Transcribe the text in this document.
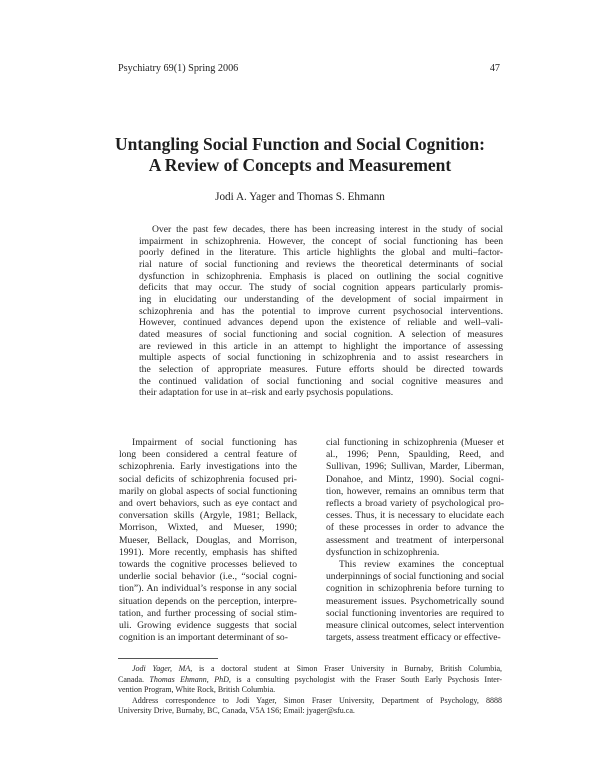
Psychiatry 69(1) Spring 2006	47
Untangling Social Function and Social Cognition:
A Review of Concepts and Measurement
Jodi A. Yager and Thomas S. Ehmann
Over the past few decades, there has been increasing interest in the study of social
impairment in schizophrenia. However, the concept of social functioning has been
poorly defined in the literature. This article highlights the global and multi–factor-
rial nature of social functioning and reviews the theoretical determinants of social
dysfunction in schizophrenia. Emphasis is placed on outlining the social cognitive
deficits that may occur. The study of social cognition appears particularly promis-
ing in elucidating our understanding of the development of social impairment in
schizophrenia and has the potential to improve current psychosocial interventions.
However, continued advances depend upon the existence of reliable and well–vali-
dated measures of social functioning and social cognition. A selection of measures
are reviewed in this article in an attempt to highlight the importance of assessing
multiple aspects of social functioning in schizophrenia and to assist researchers in
the selection of appropriate measures. Future efforts should be directed towards
the continued validation of social functioning and social cognitive measures and
their adaptation for use in at–risk and early psychosis populations.
Impairment of social functioning has
long been considered a central feature of
schizophrenia. Early investigations into the
social deficits of schizophrenia focused pri-
marily on global aspects of social functioning
and overt behaviors, such as eye contact and
conversation skills (Argyle, 1981; Bellack,
Morrison, Wixted, and Mueser, 1990;
Mueser, Bellack, Douglas, and Morrison,
1991). More recently, emphasis has shifted
towards the cognitive processes believed to
underlie social behavior (i.e., “social cogni-
tion”). An individual’s response in any social
situation depends on the perception, interpre-
tation, and further processing of social stim-
uli. Growing evidence suggests that social
cognition is an important determinant of so-
cial functioning in schizophrenia (Mueser et
al., 1996; Penn, Spaulding, Reed, and
Sullivan, 1996; Sullivan, Marder, Liberman,
Donahoe, and Mintz, 1990). Social cogni-
tion, however, remains an omnibus term that
reflects a broad variety of psychological pro-
cesses. Thus, it is necessary to elucidate each
of these processes in order to advance the
assessment and treatment of interpersonal
dysfunction in schizophrenia.
This review examines the conceptual
underpinnings of social functioning and social
cognition in schizophrenia before turning to
measurement issues. Psychometrically sound
social functioning inventories are required to
measure clinical outcomes, select intervention
targets, assess treatment efficacy or effective-
Jodi Yager, MA, is a doctoral student at Simon Fraser University in Burnaby, British Columbia,
Canada. Thomas Ehmann, PhD, is a consulting psychologist with the Fraser South Early Psychosis Inter-
vention Program, White Rock, British Columbia.
Address correspondence to Jodi Yager, Simon Fraser University, Department of Psychology, 8888
University Drive, Burnaby, BC, Canada, V5A 1S6; Email: jyager@sfu.ca.
